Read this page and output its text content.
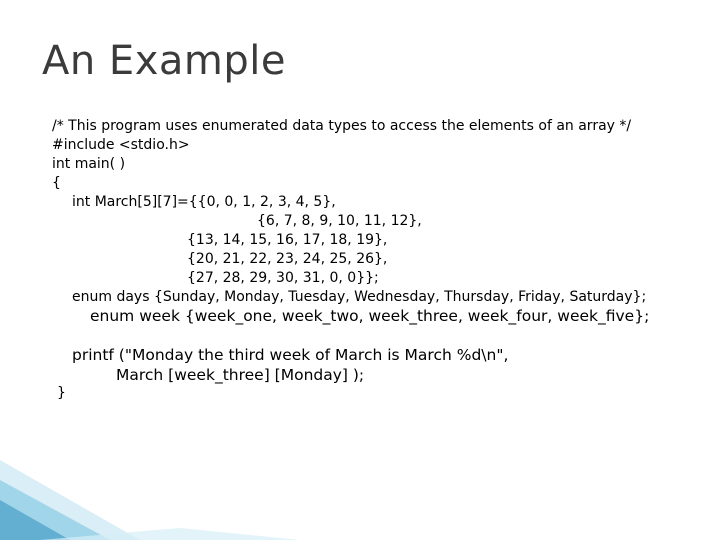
An Example

/* This program uses enumerated data types to access the elements of an array */

#include <stdio.h>

int main( )

{

int March[5][7]={{0, 0, 1, 2, 3, 4, 5},

{6, 7, 8, 9, 10, 11, 12},

{13, 14, 15, 16, 17, 18, 19},

{20, 21, 22, 23, 24, 25, 26},

{27, 28, 29, 30, 31, 0, 0}};

enum days {Sunday, Monday, Tuesday, Wednesday, Thursday, Friday, Saturday};

enum week {week_one, week_two, week_three, week_four, week_five};

printf ("Monday the third week of March is March %d\n",

March [week_three] [Monday] );

}
